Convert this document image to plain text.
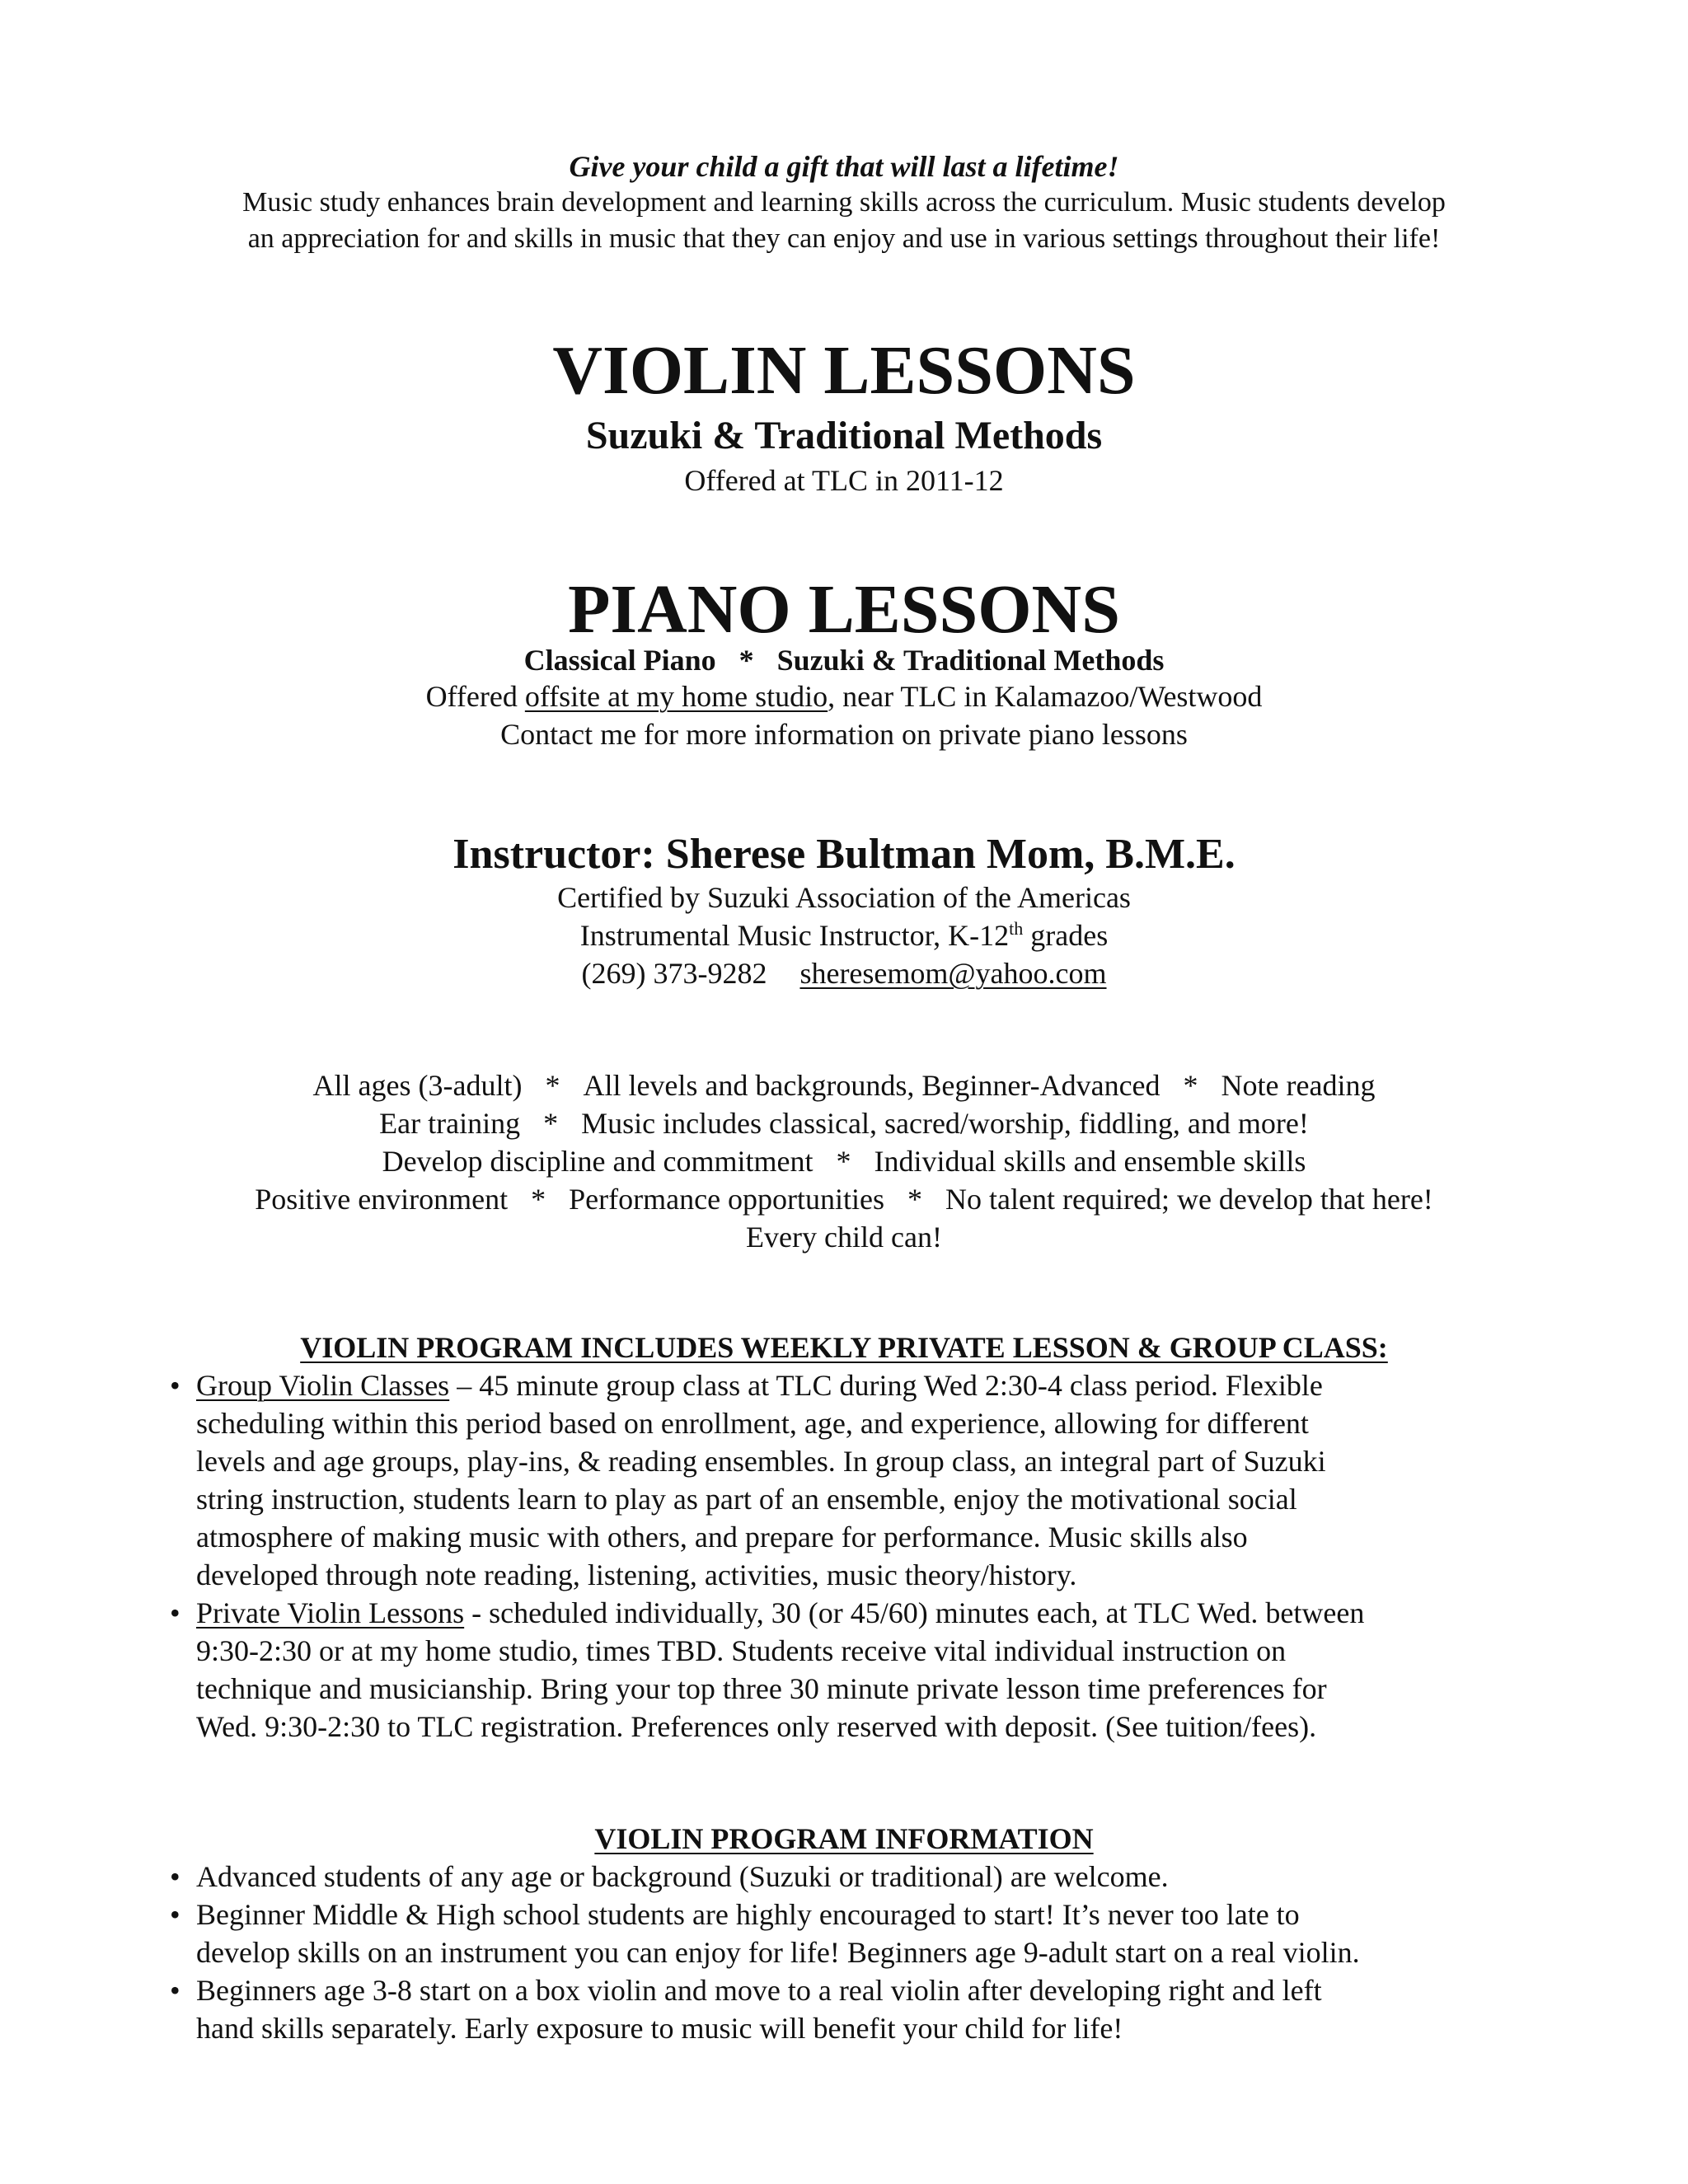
Give your child a gift that will last a lifetime!
Music study enhances brain development and learning skills across the curriculum. Music students develop
an appreciation for and skills in music that they can enjoy and use in various settings throughout their life!
VIOLIN LESSONS
Suzuki & Traditional Methods
Offered at TLC in 2011-12
PIANO LESSONS
Classical Piano * Suzuki & Traditional Methods
Offered offsite at my home studio, near TLC in Kalamazoo/Westwood
Contact me for more information on private piano lessons
Instructor: Sherese Bultman Mom, B.M.E.
Certified by Suzuki Association of the Americas
Instrumental Music Instructor, K-12th grades
(269) 373-9282 sheresemom@yahoo.com
All ages (3-adult) * All levels and backgrounds, Beginner-Advanced * Note reading
Ear training * Music includes classical, sacred/worship, fiddling, and more!
Develop discipline and commitment * Individual skills and ensemble skills
Positive environment * Performance opportunities * No talent required; we develop that here!
Every child can!
VIOLIN PROGRAM INCLUDES WEEKLY PRIVATE LESSON & GROUP CLASS:
• Group Violin Classes – 45 minute group class at TLC during Wed 2:30-4 class period. Flexible
scheduling within this period based on enrollment, age, and experience, allowing for different
levels and age groups, play-ins, & reading ensembles. In group class, an integral part of Suzuki
string instruction, students learn to play as part of an ensemble, enjoy the motivational social
atmosphere of making music with others, and prepare for performance. Music skills also
developed through note reading, listening, activities, music theory/history.
• Private Violin Lessons - scheduled individually, 30 (or 45/60) minutes each, at TLC Wed. between
9:30-2:30 or at my home studio, times TBD. Students receive vital individual instruction on
technique and musicianship. Bring your top three 30 minute private lesson time preferences for
Wed. 9:30-2:30 to TLC registration. Preferences only reserved with deposit. (See tuition/fees).
VIOLIN PROGRAM INFORMATION
• Advanced students of any age or background (Suzuki or traditional) are welcome.
• Beginner Middle & High school students are highly encouraged to start! It’s never too late to
develop skills on an instrument you can enjoy for life! Beginners age 9-adult start on a real violin.
• Beginners age 3-8 start on a box violin and move to a real violin after developing right and left
hand skills separately. Early exposure to music will benefit your child for life!
